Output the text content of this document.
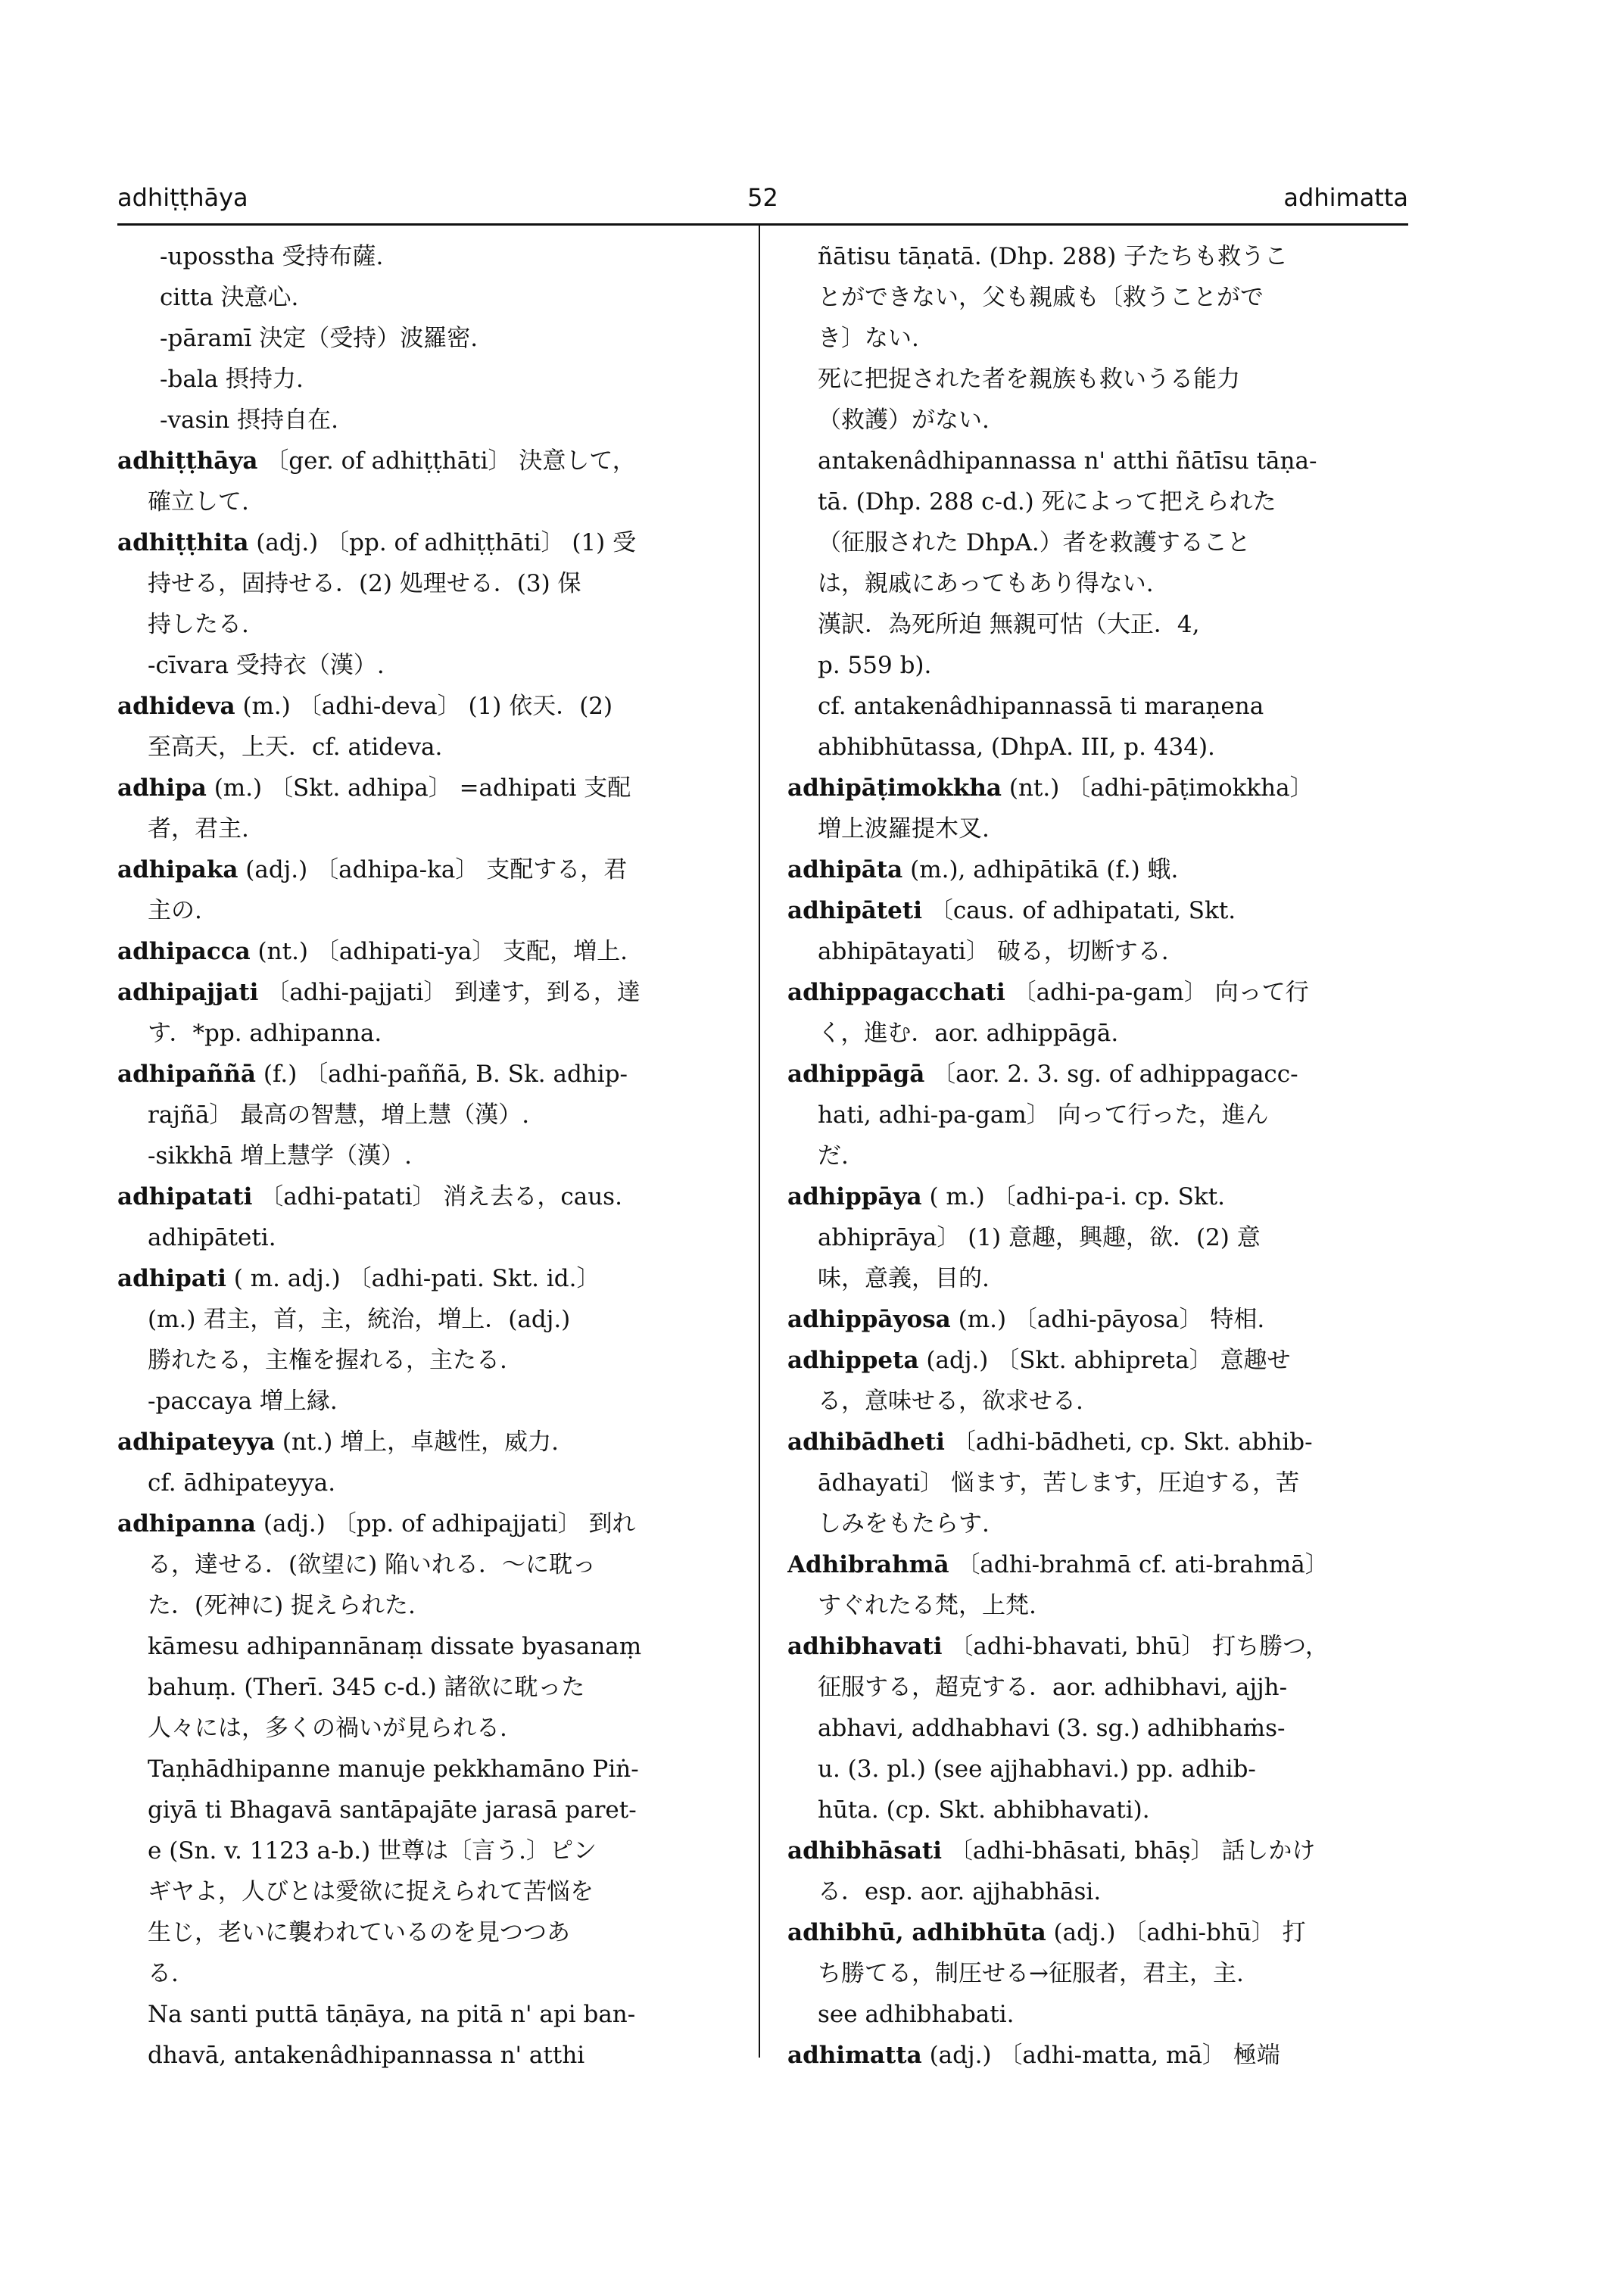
52
adhiṭṭhāya	adhimatta
-uposstha 受持布薩.
citta 決意心.
-pāramī 決定（受持）波羅密.
-bala 摂持力.
-vasin 摂持自在.
adhiṭṭhāya 〔ger. of adhiṭṭhāti〕 決意して，
確立して.
adhiṭṭhita (adj.) 〔pp. of adhiṭṭhāti〕 (1) 受
持せる，固持せる．(2) 処理せる．(3) 保
持したる.
-cīvara 受持衣（漢）.
adhideva (m.) 〔adhi-deva〕 (1) 依天．(2)
至高天，上天．cf. atideva.
adhipa (m.) 〔Skt. adhipa〕 =adhipati 支配
者，君主.
adhipaka (adj.) 〔adhipa-ka〕 支配する，君
主の.
adhipacca (nt.) 〔adhipati-ya〕 支配，増上.
adhipajjati 〔adhi-pajjati〕 到達す，到る，達
す．*pp. adhipanna.
adhipaññā (f.) 〔adhi-paññā, B. Sk. adhip-
rajñā〕 最高の智慧，増上慧（漢）.
-sikkhā 増上慧学（漢）.
adhipatati 〔adhi-patati〕 消え去る，caus.
adhipāteti.
adhipati ( m. adj.) 〔adhi-pati. Skt. id.〕
(m.) 君主，首，主，統治，増上．(adj.)
勝れたる，主権を握れる，主たる.
-paccaya 増上縁.
adhipateyya (nt.) 増上，卓越性，威力.
cf. ādhipateyya.
adhipanna (adj.) 〔pp. of adhipajjati〕 到れ
る，達せる．(欲望に) 陥いれる．～に耽っ
た．(死神に) 捉えられた.
kāmesu adhipannānaṃ dissate byasanaṃ
bahuṃ. (Therī. 345 c-d.) 諸欲に耽った
人々には，多くの禍いが見られる.
Taṇhādhipanne manuje pekkhamāno Piṅ-
giyā ti Bhagavā santāpajāte jarasā paret-
e (Sn. v. 1123 a-b.) 世尊は〔言う.〕ピン
ギヤよ，人びとは愛欲に捉えられて苦悩を
生じ，老いに襲われているのを見つつあ
る.
Na santi puttā tāṇāya, na pitā n' api ban-
dhavā, antakenâdhipannassa n' atthi
ñātisu tāṇatā. (Dhp. 288) 子たちも救うこ
とができない，父も親戚も〔救うことがで
き〕ない.
死に把捉された者を親族も救いうる能力
（救護）がない.
antakenâdhipannassa n' atthi ñātīsu tāṇa-
tā. (Dhp. 288 c-d.) 死によって把えられた
（征服された DhpA.）者を救護すること
は，親戚にあってもあり得ない.
漢訳．為死所迫 無親可怙（大正．4,
p. 559 b).
cf. antakenâdhipannassā ti maraṇena
abhibhūtassa, (DhpA. III, p. 434).
adhipāṭimokkha (nt.) 〔adhi-pāṭimokkha〕
増上波羅提木叉.
adhipāta (m.), adhipātikā (f.) 蛾.
adhipāteti 〔caus. of adhipatati, Skt.
abhipātayati〕 破る，切断する.
adhippagacchati 〔adhi-pa-gam〕 向って行
く，進む．aor. adhippāgā.
adhippāgā 〔aor. 2. 3. sg. of adhippagacc-
hati, adhi-pa-gam〕 向って行った，進ん
だ.
adhippāya ( m.) 〔adhi-pa-i. cp. Skt.
abhiprāya〕 (1) 意趣，興趣，欲．(2) 意
味，意義，目的.
adhippāyosa (m.) 〔adhi-pāyosa〕 特相.
adhippeta (adj.) 〔Skt. abhipreta〕 意趣せ
る，意味せる，欲求せる.
adhibādheti 〔adhi-bādheti, cp. Skt. abhib-
ādhayati〕 悩ます，苦します，圧迫する，苦
しみをもたらす.
Adhibrahmā 〔adhi-brahmā cf. ati-brahmā〕
すぐれたる梵，上梵.
adhibhavati 〔adhi-bhavati, bhū〕 打ち勝つ，
征服する，超克する．aor. adhibhavi, ajjh-
abhavi, addhabhavi (3. sg.) adhibhaṁs-
u. (3. pl.) (see ajjhabhavi.) pp. adhib-
hūta. (cp. Skt. abhibhavati).
adhibhāsati 〔adhi-bhāsati, bhāṣ〕 話しかけ
る．esp. aor. ajjhabhāsi.
adhibhū, adhibhūta (adj.) 〔adhi-bhū〕 打
ち勝てる，制圧せる→征服者，君主，主.
see adhibhabati.
adhimatta (adj.) 〔adhi-matta, mā〕 極端
